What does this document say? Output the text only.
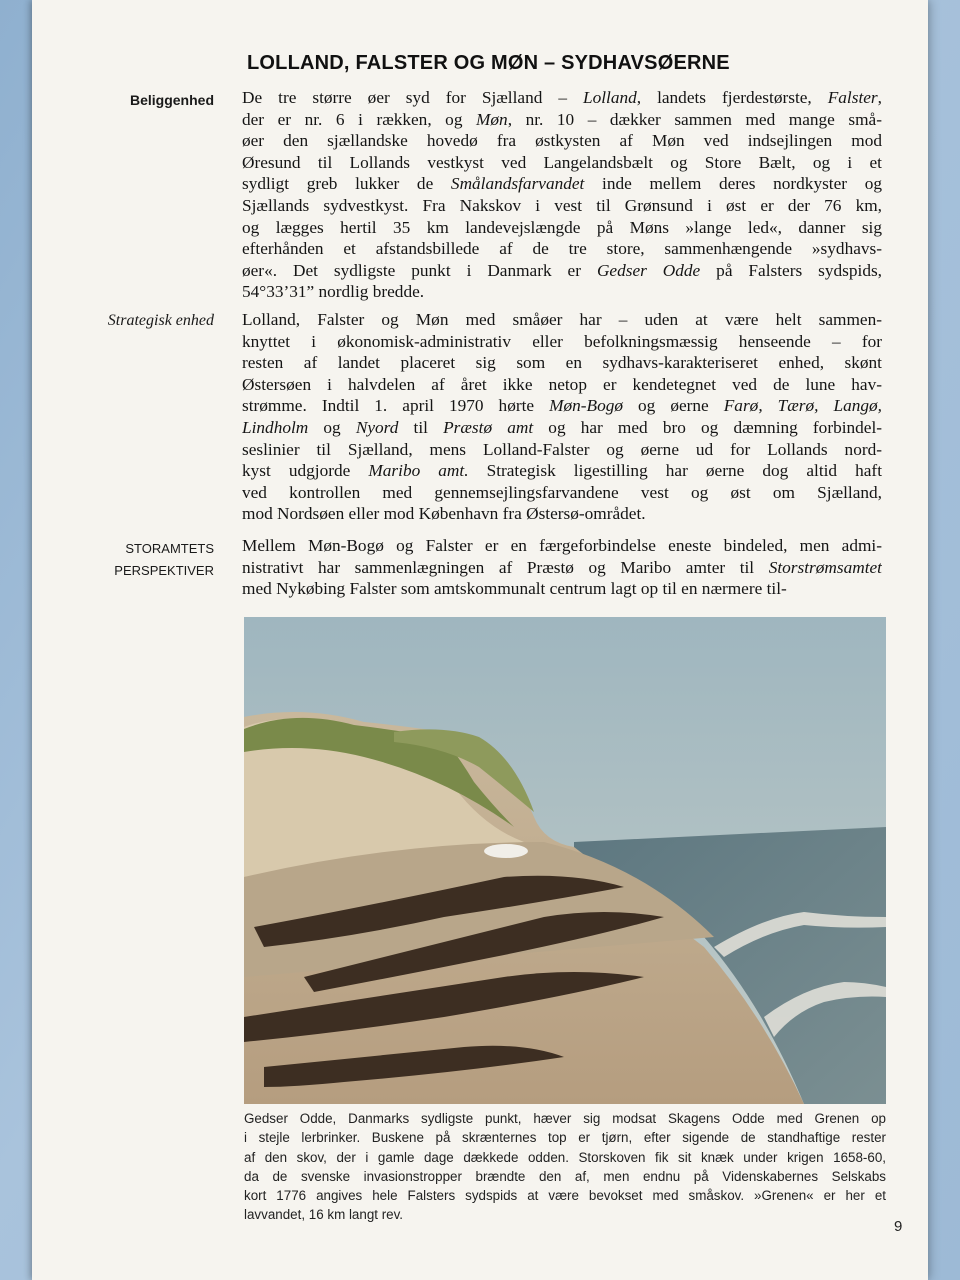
LOLLAND, FALSTER OG MØN – SYDHAVSØERNE
Beliggenhed
Strategisk enhed
STORAMTETS
PERSPEKTIVER
De tre større øer syd for Sjælland – Lolland, landets fjerdestørste, Falster,
der er nr. 6 i rækken, og Møn, nr. 10 – dækker sammen med mange små-
øer den sjællandske hovedø fra østkysten af Møn ved indsejlingen mod
Øresund til Lollands vestkyst ved Langelandsbælt og Store Bælt, og i et
sydligt greb lukker de Smålandsfarvandet inde mellem deres nordkyster og
Sjællands sydvestkyst. Fra Nakskov i vest til Grønsund i øst er der 76 km,
og lægges hertil 35 km landevejslængde på Møns »lange led«, danner sig
efterhånden et afstandsbillede af de tre store, sammenhængende »sydhavs-
øer«. Det sydligste punkt i Danmark er Gedser Odde på Falsters sydspids,
54°33’31” nordlig bredde.
Lolland, Falster og Møn med småøer har – uden at være helt sammen-
knyttet i økonomisk-administrativ eller befolkningsmæssig henseende – for
resten af landet placeret sig som en sydhavs-karakteriseret enhed, skønt
Østersøen i halvdelen af året ikke netop er kendetegnet ved de lune hav-
strømme. Indtil 1. april 1970 hørte Møn-Bogø og øerne Farø, Tærø, Langø,
Lindholm og Nyord til Præstø amt og har med bro og dæmning forbindel-
seslinier til Sjælland, mens Lolland-Falster og øerne ud for Lollands nord-
kyst udgjorde Maribo amt. Strategisk ligestilling har øerne dog altid haft
ved kontrollen med gennemsejlingsfarvandene vest og øst om Sjælland,
mod Nordsøen eller mod København fra Østersø-området.
Mellem Møn-Bogø og Falster er en færgeforbindelse eneste bindeled, men admi-
nistrativt har sammenlægningen af Præstø og Maribo amter til Storstrømsamtet
med Nykøbing Falster som amtskommunalt centrum lagt op til en nærmere til-
Gedser Odde, Danmarks sydligste punkt, hæver sig modsat Skagens Odde med Grenen op
i stejle lerbrinker. Buskene på skrænternes top er tjørn, efter sigende de standhaftige rester
af den skov, der i gamle dage dækkede odden. Storskoven fik sit knæk under krigen 1658-60,
da de svenske invasionstropper brændte den af, men endnu på Videnskabernes Selskabs
kort 1776 angives hele Falsters sydspids at være bevokset med småskov. »Grenen« er her et
lavvandet, 16 km langt rev.
9
